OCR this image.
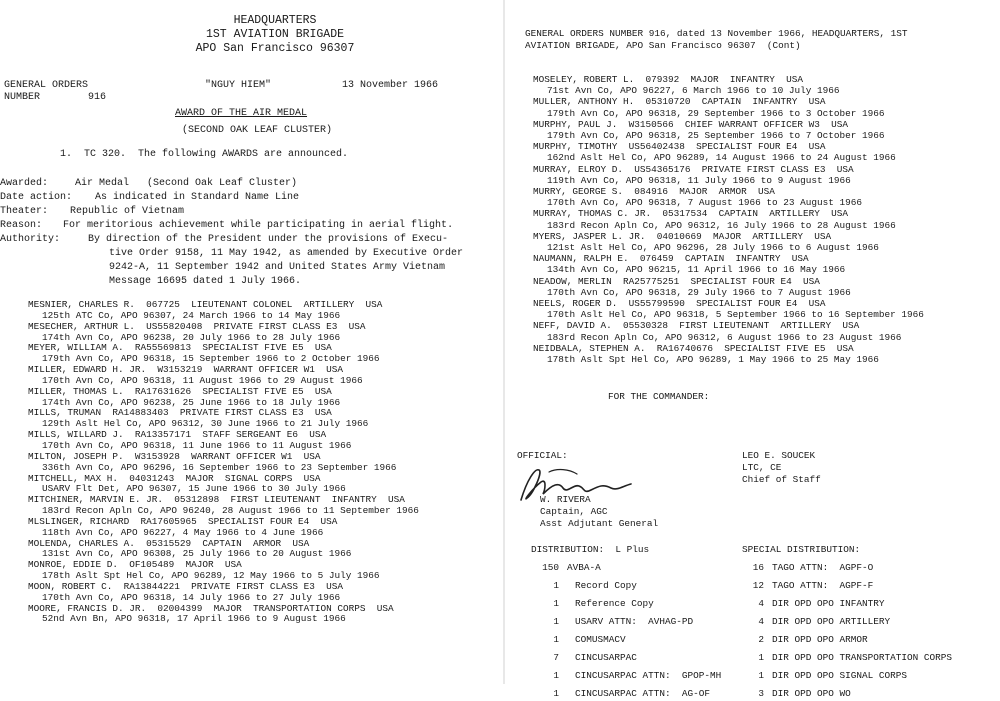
HEADQUARTERS
1ST AVIATION BRIGADE
APO San Francisco 96307
GENERAL ORDERS
NUMBER	916
"NGUY HIEM"	13 November 1966
AWARD OF THE AIR MEDAL
(SECOND OAK LEAF CLUSTER)
1.  TC 320.  The following AWARDS are announced.
Awarded:	Air Medal   (Second Oak Leaf Cluster)
Date action: As indicated in Standard Name Line
Theater: Republic of Vietnam
Reason: For meritorious achievement while participating in aerial flight.
Authority:	By direction of the President under the provisions of Execu-
tive Order 9158, 11 May 1942, as amended by Executive Order
9242-A, 11 September 1942 and United States Army Vietnam
Message 16695 dated 1 July 1966.
MESNIER, CHARLES R.  067725  LIEUTENANT COLONEL  ARTILLERY  USA
125th ATC Co, APO 96307, 24 March 1966 to 14 May 1966
MESECHER, ARTHUR L.  US55820408  PRIVATE FIRST CLASS E3  USA
174th Avn Co, APO 96238, 20 July 1966 to 28 July 1966
MEYER, WILLIAM A.  RA55569813  SPECIALIST FIVE E5  USA
179th Avn Co, APO 96318, 15 September 1966 to 2 October 1966
MILLER, EDWARD H. JR.  W3153219  WARRANT OFFICER W1  USA
170th Avn Co, APO 96318, 11 August 1966 to 29 August 1966
MILLER, THOMAS L.  RA17631626  SPECIALIST FIVE E5  USA
174th Avn Co, APO 96238, 25 June 1966 to 18 July 1966
MILLS, TRUMAN  RA14883403  PRIVATE FIRST CLASS E3  USA
129th Aslt Hel Co, APO 96312, 30 June 1966 to 21 July 1966
MILLS, WILLARD J.  RA13357171  STAFF SERGEANT E6  USA
170th Avn Co, APO 96318, 11 June 1966 to 11 August 1966
MILTON, JOSEPH P.  W3153928  WARRANT OFFICER W1  USA
336th Avn Co, APO 96296, 16 September 1966 to 23 September 1966
MITCHELL, MAX H.  04031243  MAJOR  SIGNAL CORPS  USA
USARV Flt Det, APO 96307, 15 June 1966 to 30 July 1966
MITCHINER, MARVIN E. JR.  05312898  FIRST LIEUTENANT  INFANTRY  USA
183rd Recon Apln Co, APO 96240, 28 August 1966 to 11 September 1966
MLSLINGER, RICHARD  RA17605965  SPECIALIST FOUR E4  USA
118th Avn Co, APO 96227, 4 May 1966 to 4 June 1966
MOLENDA, CHARLES A.  05315529  CAPTAIN  ARMOR  USA
131st Avn Co, APO 96308, 25 July 1966 to 20 August 1966
MONROE, EDDIE D.  OF105489  MAJOR  USA
178th Aslt Spt Hel Co, APO 96289, 12 May 1966 to 5 July 1966
MOON, ROBERT C.  RA13844221  PRIVATE FIRST CLASS E3  USA
170th Avn Co, APO 96318, 14 July 1966 to 27 July 1966
MOORE, FRANCIS D. JR.  02004399  MAJOR  TRANSPORTATION CORPS  USA
52nd Avn Bn, APO 96318, 17 April 1966 to 9 August 1966
GENERAL ORDERS NUMBER 916, dated 13 November 1966, HEADQUARTERS, 1ST
AVIATION BRIGADE, APO San Francisco 96307  (Cont)
MOSELEY, ROBERT L.  079392  MAJOR  INFANTRY  USA
71st Avn Co, APO 96227, 6 March 1966 to 10 July 1966
MULLER, ANTHONY H.  05310720  CAPTAIN  INFANTRY  USA
179th Avn Co, APO 96318, 29 September 1966 to 3 October 1966
MURPHY, PAUL J.  W3150566  CHIEF WARRANT OFFICER W3  USA
179th Avn Co, APO 96318, 25 September 1966 to 7 October 1966
MURPHY, TIMOTHY  US56402438  SPECIALIST FOUR E4  USA
162nd Aslt Hel Co, APO 96289, 14 August 1966 to 24 August 1966
MURRAY, ELROY D.  US54365176  PRIVATE FIRST CLASS E3  USA
119th Avn Co, APO 96318, 11 July 1966 to 9 August 1966
MURRY, GEORGE S.  084916  MAJOR  ARMOR  USA
170th Avn Co, APO 96318, 7 August 1966 to 23 August 1966
MURRAY, THOMAS C. JR.  05317534  CAPTAIN  ARTILLERY  USA
183rd Recon Apln Co, APO 96312, 16 July 1966 to 28 August 1966
MYERS, JASPER L. JR.  04010669  MAJOR  ARTILLERY  USA
121st Aslt Hel Co, APO 96296, 28 July 1966 to 6 August 1966
NAUMANN, RALPH E.  076459  CAPTAIN  INFANTRY  USA
134th Avn Co, APO 96215, 11 April 1966 to 16 May 1966
NEADOW, MERLIN  RA25775251  SPECIALIST FOUR E4  USA
170th Avn Co, APO 96318, 29 July 1966 to 7 August 1966
NEELS, ROGER D.  US55799590  SPECIALIST FOUR E4  USA
170th Aslt Hel Co, APO 96318, 5 September 1966 to 16 September 1966
NEFF, DAVID A.  05530328  FIRST LIEUTENANT  ARTILLERY  USA
183rd Recon Apln Co, APO 96312, 6 August 1966 to 23 August 1966
NEIDBALA, STEPHEN A.  RA16740676  SPECIALIST FIVE E5  USA
178th Aslt Spt Hel Co, APO 96289, 1 May 1966 to 25 May 1966
FOR THE COMMANDER:
LEO E. SOUCEK
LTC, CE
Chief of Staff
OFFICIAL:
W. RIVERA
Captain, AGC
Asst Adjutant General
DISTRIBUTION:  L Plus
150 AVBA-A
1 Record Copy
1 Reference Copy
1 USARV ATTN:  AVHAG-PD
1 COMUSMACV
7 CINCUSARPAC
1 CINCUSARPAC ATTN:  GPOP-MH
1 CINCUSARPAC ATTN:  AG-OF
SPECIAL DISTRIBUTION:
16 TAGO ATTN:  AGPF-O
12 TAGO ATTN:  AGPF-F
4 DIR OPD OPO INFANTRY
4 DIR OPD OPO ARTILLERY
2 DIR OPD OPO ARMOR
1 DIR OPD OPO TRANSPORTATION CORPS
1 DIR OPD OPO SIGNAL CORPS
3 DIR OPD OPO WO
